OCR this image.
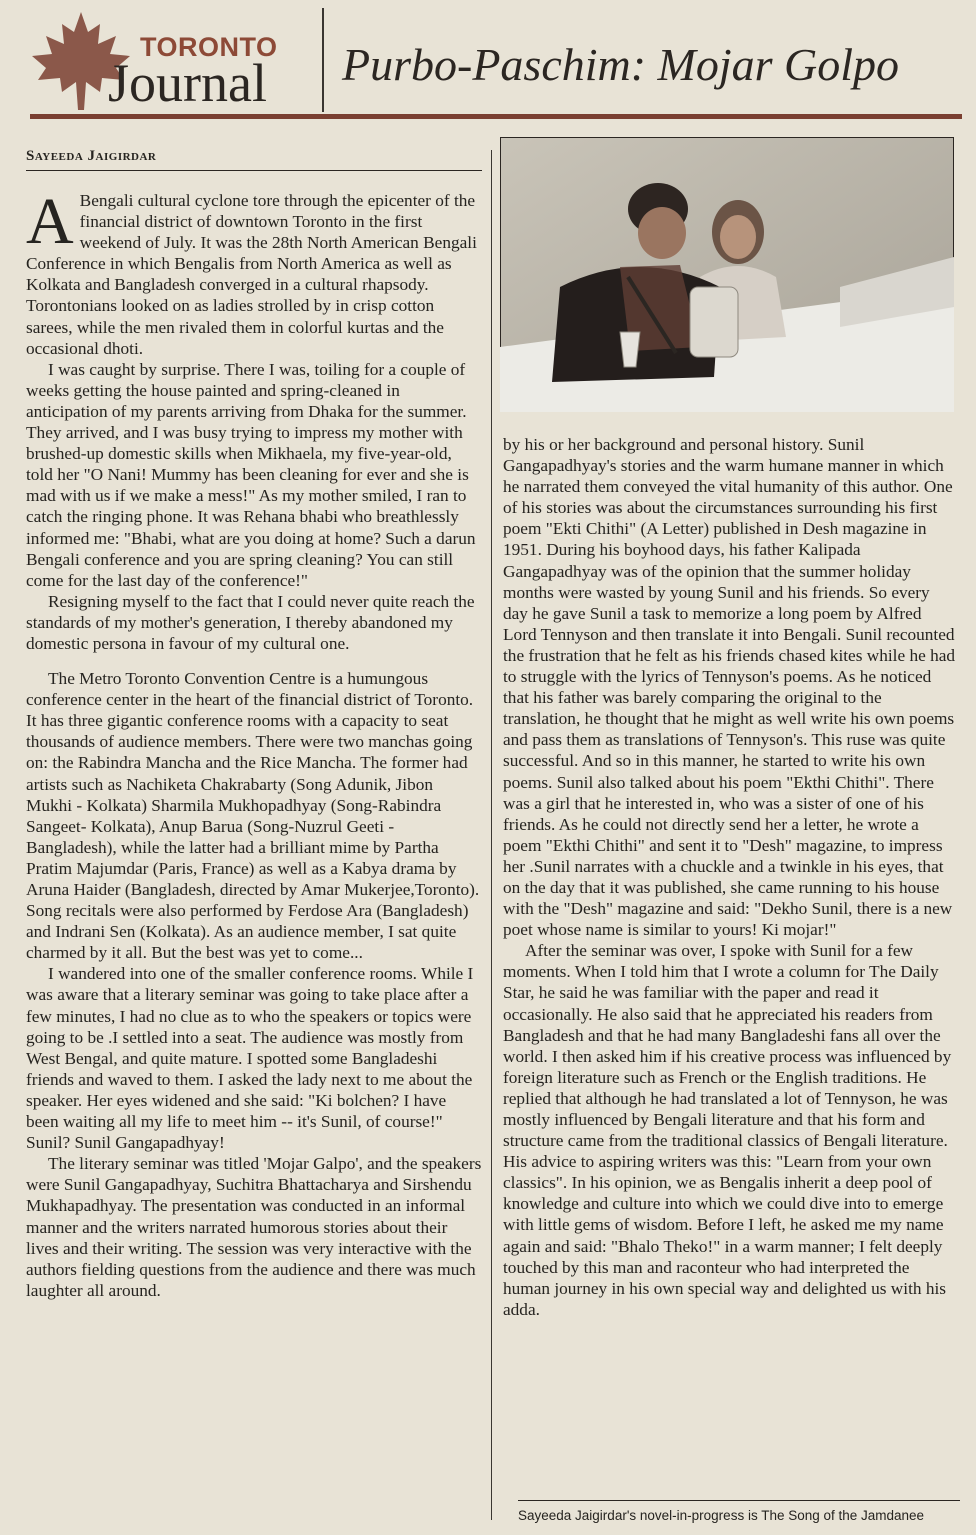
TORONTO
Journal Purbo-Paschim: Mojar Golpo
Sayeeda Jaigirdar

A Bengali cultural cyclone tore through the epicenter of the financial district of downtown Toronto in the first weekend of July. It was the 28th North American Bengali Conference in which Bengalis from North America as well as Kolkata and Bangladesh converged in a cultural rhapsody. Torontonians looked on as ladies strolled by in crisp cotton sarees, while the men rivaled them in colorful kurtas and the occasional dhoti.

I was caught by surprise. There I was, toiling for a couple of weeks getting the house painted and spring-cleaned in anticipation of my parents arriving from Dhaka for the summer. They arrived, and I was busy trying to impress my mother with brushed-up domestic skills when Mikhaela, my five-year-old, told her "O Nani! Mummy has been cleaning for ever and she is mad with us if we make a mess!" As my mother smiled, I ran to catch the ringing phone. It was Rehana bhabi who breathlessly informed me: "Bhabi, what are you doing at home? Such a darun Bengali conference and you are spring cleaning? You can still come for the last day of the conference!"

Resigning myself to the fact that I could never quite reach the standards of my mother's generation, I thereby abandoned my domestic persona in favour of my cultural one.

The Metro Toronto Convention Centre is a humungous conference center in the heart of the financial district of Toronto. It has three gigantic conference rooms with a capacity to seat thousands of audience members. There were two manchas going on: the Rabindra Mancha and the Rice Mancha. The former had artists such as Nachiketa Chakrabarty (Song Adunik, Jibon Mukhi - Kolkata) Sharmila Mukhopadhyay (Song-Rabindra Sangeet- Kolkata), Anup Barua (Song-Nuzrul Geeti -Bangladesh), while the latter had a brilliant mime by Partha Pratim Majumdar (Paris, France) as well as a Kabya drama by Aruna Haider (Bangladesh, directed by Amar Mukerjee,Toronto). Song recitals were also performed by Ferdose Ara (Bangladesh) and Indrani Sen (Kolkata). As an audience member, I sat quite charmed by it all. But the best was yet to come...

I wandered into one of the smaller conference rooms. While I was aware that a literary seminar was going to take place after a few minutes, I had no clue as to who the speakers or topics were going to be .I settled into a seat. The audience was mostly from West Bengal, and quite mature. I spotted some Bangladeshi friends and waved to them. I asked the lady next to me about the speaker. Her eyes widened and she said: "Ki bolchen? I have been waiting all my life to meet him -- it's Sunil, of course!" Sunil? Sunil Gangapadhyay!

The literary seminar was titled 'Mojar Galpo', and the speakers were Sunil Gangapadhyay, Suchitra Bhattacharya and Sirshendu Mukhapadhyay. The presentation was conducted in an informal manner and the writers narrated humorous stories about their lives and their writing. The session was very interactive with the authors fielding questions from the audience and there was much laughter all around.

by his or her background and personal history. Sunil Gangapadhyay's stories and the warm humane manner in which he narrated them conveyed the vital humanity of this author. One of his stories was about the circumstances surrounding his first poem "Ekti Chithi" (A Letter) published in Desh magazine in 1951. During his boyhood days, his father Kalipada Gangapadhyay was of the opinion that the summer holiday months were wasted by young Sunil and his friends. So every day he gave Sunil a task to memorize a long poem by Alfred Lord Tennyson and then translate it into Bengali. Sunil recounted the frustration that he felt as his friends chased kites while he had to struggle with the lyrics of Tennyson's poems. As he noticed that his father was barely comparing the original to the translation, he thought that he might as well write his own poems and pass them as translations of Tennyson's. This ruse was quite successful. And so in this manner, he started to write his own poems. Sunil also talked about his poem "Ekthi Chithi". There was a girl that he interested in, who was a sister of one of his friends. As he could not directly send her a letter, he wrote a poem "Ekthi Chithi" and sent it to "Desh" magazine, to impress her .Sunil narrates with a chuckle and a twinkle in his eyes, that on the day that it was published, she came running to his house with the "Desh" magazine and said: "Dekho Sunil, there is a new poet whose name is similar to yours! Ki mojar!"

After the seminar was over, I spoke with Sunil for a few moments. When I told him that I wrote a column for The Daily Star, he said he was familiar with the paper and read it occasionally. He also said that he appreciated his readers from Bangladesh and that he had many Bangladeshi fans all over the world. I then asked him if his creative process was influenced by foreign literature such as French or the English traditions. He replied that although he had translated a lot of Tennyson, he was mostly influenced by Bengali literature and that his form and structure came from the traditional classics of Bengali literature. His advice to aspiring writers was this: "Learn from your own classics". In his opinion, we as Bengalis inherit a deep pool of knowledge and culture into which we could dive into to emerge with little gems of wisdom. Before I left, he asked me my name again and said: "Bhalo Theko!" in a warm manner; I felt deeply touched by this man and raconteur who had interpreted the human journey in his own special way and delighted us with his adda.

Sayeeda Jaigirdar's novel-in-progress is The Song of the Jamdanee
